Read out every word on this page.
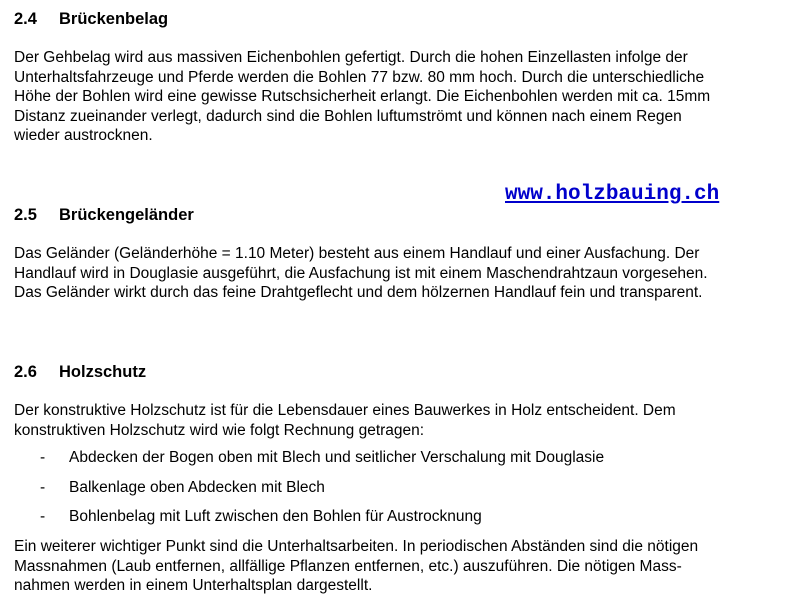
2.4 Brückenbelag

Der Gehbelag wird aus massiven Eichenbohlen gefertigt. Durch die hohen Einzellasten infolge der
Unterhaltsfahrzeuge und Pferde werden die Bohlen 77 bzw. 80 mm hoch. Durch die unterschiedliche
Höhe der Bohlen wird eine gewisse Rutschsicherheit erlangt. Die Eichenbohlen werden mit ca. 15mm
Distanz zueinander verlegt, dadurch sind die Bohlen luftumströmt und können nach einem Regen
wieder austrocknen.

www.holzbauing.ch
2.5 Brückengeländer

Das Geländer (Geländerhöhe = 1.10 Meter) besteht aus einem Handlauf und einer Ausfachung. Der
Handlauf wird in Douglasie ausgeführt, die Ausfachung ist mit einem Maschendrahtzaun vorgesehen.
Das Geländer wirkt durch das feine Drahtgeflecht und dem hölzernen Handlauf fein und transparent.

2.6 Holzschutz

Der konstruktive Holzschutz ist für die Lebensdauer eines Bauwerkes in Holz entscheident. Dem
konstruktiven Holzschutz wird wie folgt Rechnung getragen:

- Abdecken der Bogen oben mit Blech und seitlicher Verschalung mit Douglasie
- Balkenlage oben Abdecken mit Blech
- Bohlenbelag mit Luft zwischen den Bohlen für Austrocknung

Ein weiterer wichtiger Punkt sind die Unterhaltsarbeiten. In periodischen Abständen sind die nötigen
Massnahmen (Laub entfernen, allfällige Pflanzen entfernen, etc.) auszuführen. Die nötigen Mass-
nahmen werden in einem Unterhaltsplan dargestellt.
